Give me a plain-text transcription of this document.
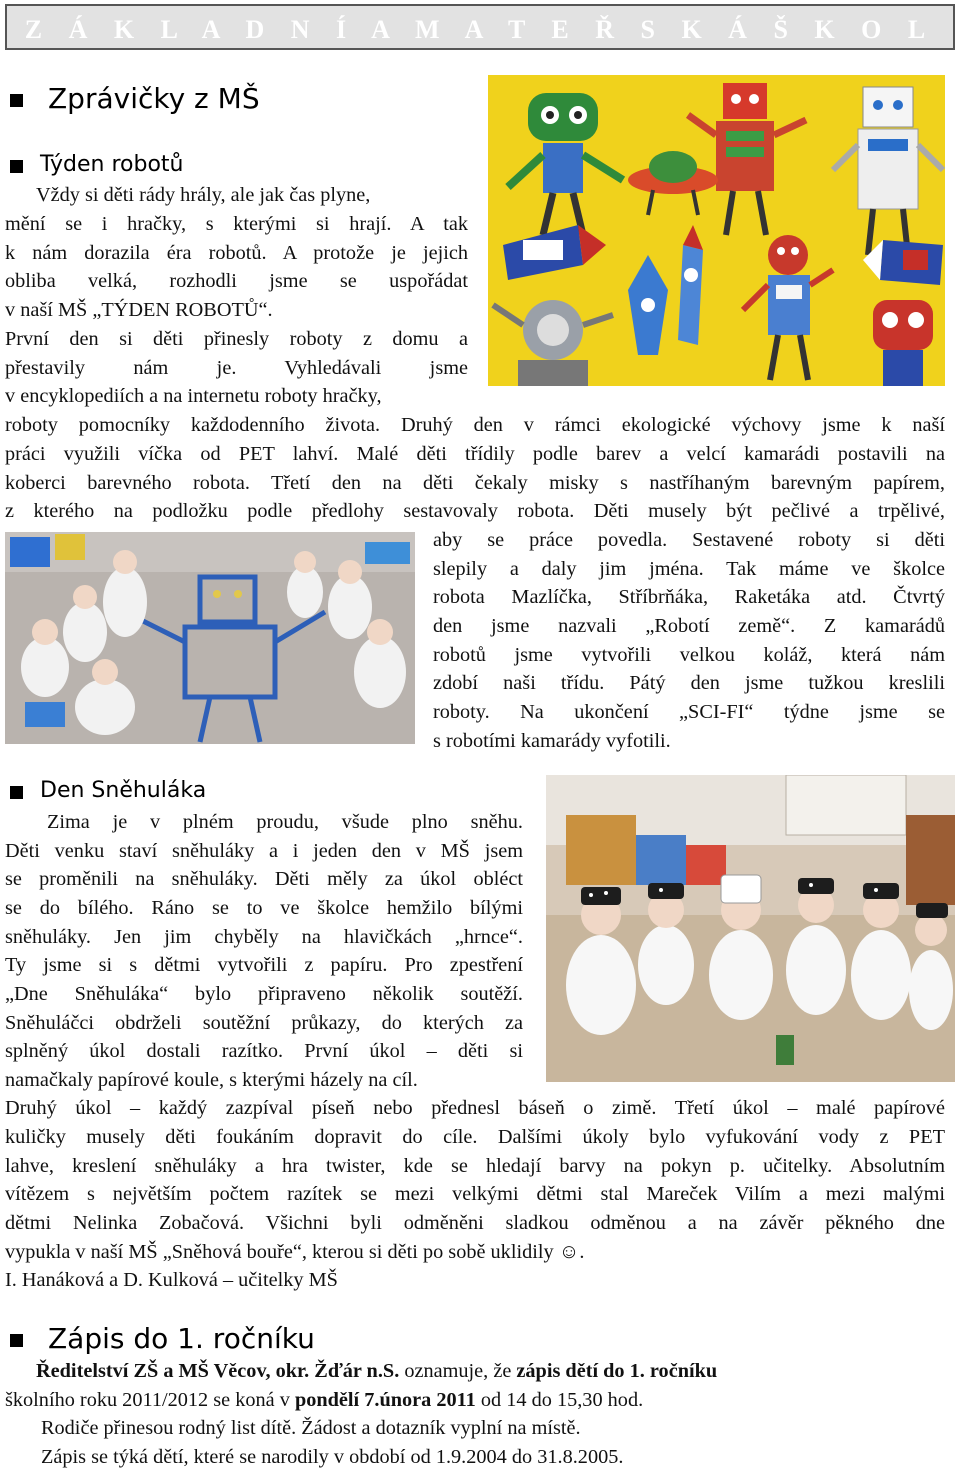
Z Á K L A D N Í A M A T E Ř S K Á Š K O L A
Zprávičky z MŠ
Týden robotů
Vždy si děti rády hrály, ale jak čas plyne,
mění se i hračky, s kterými si hrají. A tak
k nám dorazila éra robotů. A protože je jejich
obliba velká, rozhodli jsme se uspořádat
v naší MŠ „TÝDEN ROBOTŮ“.
První den si děti přinesly roboty z domu a
přestavily nám je. Vyhledávali jsme
v encyklopediích a na internetu roboty hračky,
roboty pomocníky každodenního života. Druhý den v rámci ekologické výchovy jsme k naší
práci využili víčka od PET lahví. Malé děti třídily podle barev a velcí kamarádi postavili na
koberci barevného robota. Třetí den na děti čekaly misky s nastříhaným barevným papírem,
z kterého na podložku podle předlohy sestavovaly robota. Děti musely být pečlivé a trpělivé,
aby se práce povedla. Sestavené roboty si děti
slepily a daly jim jména. Tak máme ve školce
robota Mazlíčka, Stříbrňáka, Raketáka atd. Čtvrtý
den jsme nazvali „Robotí země“. Z kamarádů
robotů jsme vytvořili velkou koláž, která nám
zdobí naši třídu. Pátý den jsme tužkou kreslili
roboty. Na ukončení „SCI-FI“ týdne jsme se
s robotími kamarády vyfotili.
Den Sněhuláka
Zima je v plném proudu, všude plno sněhu.
Děti venku staví sněhuláky a i jeden den v MŠ jsem
se proměnili na sněhuláky. Děti měly za úkol obléct
se do bílého. Ráno se to ve školce hemžilo bílými
sněhuláky. Jen jim chyběly na hlavičkách „hrnce“.
Ty jsme si s dětmi vytvořili z papíru. Pro zpestření
„Dne Sněhuláka“ bylo připraveno několik soutěží.
Sněhuláčci obdrželi soutěžní průkazy, do kterých za
splněný úkol dostali razítko. První úkol – děti si
namačkaly papírové koule, s kterými házely na cíl.
Druhý úkol – každý zazpíval píseň nebo přednesl báseň o zimě. Třetí úkol – malé papírové
kuličky musely děti foukáním dopravit do cíle. Dalšími úkoly bylo vyfukování vody z PET
lahve, kreslení sněhuláky a hra twister, kde se hledají barvy na pokyn p. učitelky. Absolutním
vítězem s největším počtem razítek se mezi velkými dětmi stal Mareček Vilím a mezi malými
dětmi Nelinka Zobačová. Všichni byli odměněni sladkou odměnou a na závěr pěkného dne
vypukla v naší MŠ „Sněhová bouře“, kterou si děti po sobě uklidily ☺.
I. Hanáková a D. Kulková – učitelky MŠ
Zápis do 1. ročníku
Ředitelství ZŠ a MŠ Věcov, okr. Žďár n.S. oznamuje, že zápis dětí do 1. ročníku
školního roku 2011/2012 se koná v pondělí 7.února 2011 od 14 do 15,30 hod.
Rodiče přinesou rodný list dítě. Žádost a dotazník vyplní na místě.
Zápis se týká dětí, které se narodily v období od 1.9.2004 do 31.8.2005.
